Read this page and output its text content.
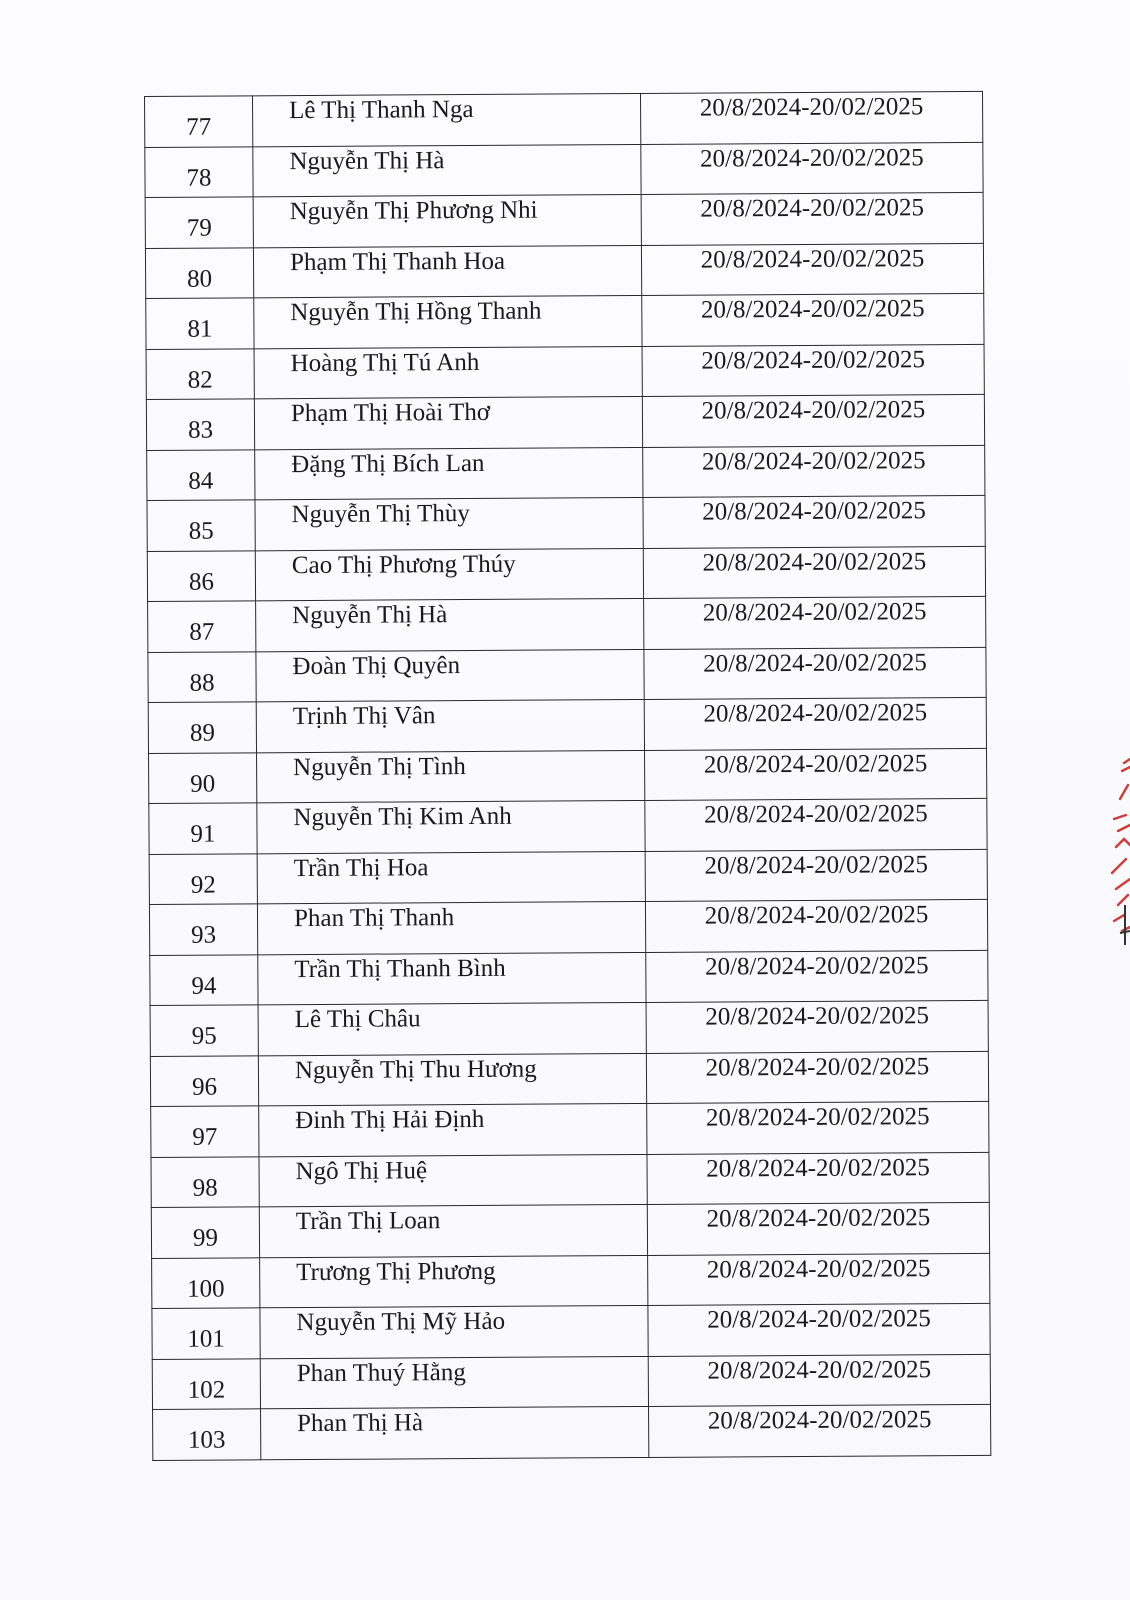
77	Lê Thị Thanh Nga	20/8/2024-20/02/2025
78	Nguyễn Thị Hà	20/8/2024-20/02/2025
79	Nguyễn Thị Phương Nhi	20/8/2024-20/02/2025
80	Phạm Thị Thanh Hoa	20/8/2024-20/02/2025
81	Nguyễn Thị Hồng Thanh	20/8/2024-20/02/2025
82	Hoàng Thị Tú Anh	20/8/2024-20/02/2025
83	Phạm Thị Hoài Thơ	20/8/2024-20/02/2025
84	Đặng Thị Bích Lan	20/8/2024-20/02/2025
85	Nguyễn Thị Thùy	20/8/2024-20/02/2025
86	Cao Thị Phương Thúy	20/8/2024-20/02/2025
87	Nguyễn Thị Hà	20/8/2024-20/02/2025
88	Đoàn Thị Quyên	20/8/2024-20/02/2025
89	Trịnh Thị Vân	20/8/2024-20/02/2025
90	Nguyễn Thị Tình	20/8/2024-20/02/2025
91	Nguyễn Thị Kim Anh	20/8/2024-20/02/2025
92	Trần Thị Hoa	20/8/2024-20/02/2025
93	Phan Thị Thanh	20/8/2024-20/02/2025
94	Trần Thị Thanh Bình	20/8/2024-20/02/2025
95	Lê Thị Châu	20/8/2024-20/02/2025
96	Nguyễn Thị Thu Hương	20/8/2024-20/02/2025
97	Đinh Thị Hải Định	20/8/2024-20/02/2025
98	Ngô Thị Huệ	20/8/2024-20/02/2025
99	Trần Thị Loan	20/8/2024-20/02/2025
100	Trương Thị Phương	20/8/2024-20/02/2025
101	Nguyễn Thị Mỹ Hảo	20/8/2024-20/02/2025
102	Phan Thuý Hằng	20/8/2024-20/02/2025
103	Phan Thị Hà	20/8/2024-20/02/2025
